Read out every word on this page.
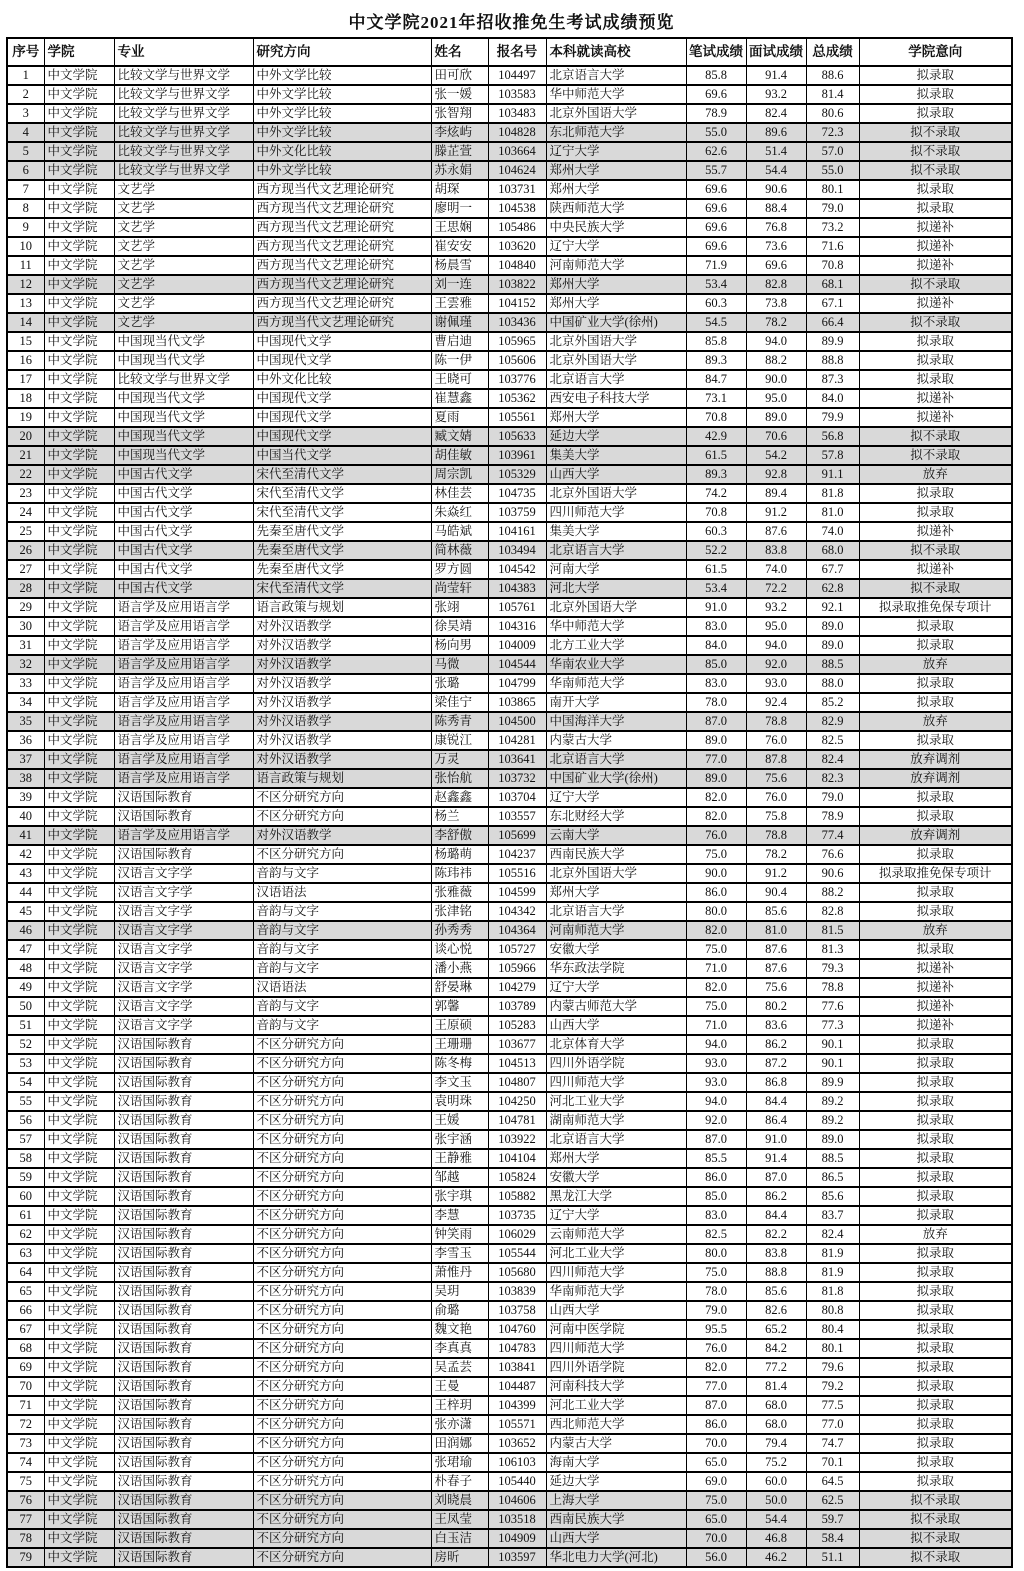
中文学院2021年招收推免生考试成绩预览
序号	学院	专业	研究方向	姓名	报名号	本科就读高校	笔试成绩	面试成绩	总成绩	学院意向
1	中文学院	比较文学与世界文学	中外文学比较	田可欣	104497	北京语言大学	85.8	91.4	88.6	拟录取
2	中文学院	比较文学与世界文学	中外文学比较	张一媛	103583	华中师范大学	69.6	93.2	81.4	拟录取
3	中文学院	比较文学与世界文学	中外文学比较	张智翔	103483	北京外国语大学	78.9	82.4	80.6	拟录取
4	中文学院	比较文学与世界文学	中外文学比较	李炫屿	104828	东北师范大学	55.0	89.6	72.3	拟不录取
5	中文学院	比较文学与世界文学	中外文化比较	滕芷萱	103664	辽宁大学	62.6	51.4	57.0	拟不录取
6	中文学院	比较文学与世界文学	中外文学比较	苏永娟	104624	郑州大学	55.7	54.4	55.0	拟不录取
7	中文学院	文艺学	西方现当代文艺理论研究	胡琛	103731	郑州大学	69.6	90.6	80.1	拟录取
8	中文学院	文艺学	西方现当代文艺理论研究	廖明一	104538	陕西师范大学	69.6	88.4	79.0	拟录取
9	中文学院	文艺学	西方现当代文艺理论研究	王思娴	105486	中央民族大学	69.6	76.8	73.2	拟递补
10	中文学院	文艺学	西方现当代文艺理论研究	崔安安	103620	辽宁大学	69.6	73.6	71.6	拟递补
11	中文学院	文艺学	西方现当代文艺理论研究	杨晨雪	104840	河南师范大学	71.9	69.6	70.8	拟递补
12	中文学院	文艺学	西方现当代文艺理论研究	刘一连	103822	郑州大学	53.4	82.8	68.1	拟不录取
13	中文学院	文艺学	西方现当代文艺理论研究	王雲雅	104152	郑州大学	60.3	73.8	67.1	拟递补
14	中文学院	文艺学	西方现当代文艺理论研究	谢佩瑾	103436	中国矿业大学(徐州)	54.5	78.2	66.4	拟不录取
15	中文学院	中国现当代文学	中国现代文学	曹启迪	105965	北京外国语大学	85.8	94.0	89.9	拟录取
16	中文学院	中国现当代文学	中国现代文学	陈一伊	105606	北京外国语大学	89.3	88.2	88.8	拟录取
17	中文学院	比较文学与世界文学	中外文化比较	王晓可	103776	北京语言大学	84.7	90.0	87.3	拟录取
18	中文学院	中国现当代文学	中国现代文学	崔慧鑫	105362	西安电子科技大学	73.1	95.0	84.0	拟递补
19	中文学院	中国现当代文学	中国现代文学	夏雨	105561	郑州大学	70.8	89.0	79.9	拟递补
20	中文学院	中国现当代文学	中国现代文学	臧文婧	105633	延边大学	42.9	70.6	56.8	拟不录取
21	中文学院	中国现当代文学	中国当代文学	胡佳敏	103961	集美大学	61.5	54.2	57.8	拟不录取
22	中文学院	中国古代文学	宋代至清代文学	周宗凯	105329	山西大学	89.3	92.8	91.1	放弃
23	中文学院	中国古代文学	宋代至清代文学	林佳芸	104735	北京外国语大学	74.2	89.4	81.8	拟录取
24	中文学院	中国古代文学	宋代至清代文学	朱焱红	103759	四川师范大学	70.8	91.2	81.0	拟录取
25	中文学院	中国古代文学	先秦至唐代文学	马皓斌	104161	集美大学	60.3	87.6	74.0	拟递补
26	中文学院	中国古代文学	先秦至唐代文学	简林薇	103494	北京语言大学	52.2	83.8	68.0	拟不录取
27	中文学院	中国古代文学	先秦至唐代文学	罗方圆	104542	河南大学	61.5	74.0	67.7	拟递补
28	中文学院	中国古代文学	宋代至清代文学	尚莹轩	104383	河北大学	53.4	72.2	62.8	拟不录取
29	中文学院	语言学及应用语言学	语言政策与规划	张翊	105761	北京外国语大学	91.0	93.2	92.1	拟录取推免保专项计
30	中文学院	语言学及应用语言学	对外汉语教学	徐昊靖	104316	华中师范大学	83.0	95.0	89.0	拟录取
31	中文学院	语言学及应用语言学	对外汉语教学	杨向男	104009	北方工业大学	84.0	94.0	89.0	拟录取
32	中文学院	语言学及应用语言学	对外汉语教学	马微	104544	华南农业大学	85.0	92.0	88.5	放弃
33	中文学院	语言学及应用语言学	对外汉语教学	张璐	104799	华南师范大学	83.0	93.0	88.0	拟录取
34	中文学院	语言学及应用语言学	对外汉语教学	梁佳宁	103865	南开大学	78.0	92.4	85.2	拟录取
35	中文学院	语言学及应用语言学	对外汉语教学	陈秀青	104500	中国海洋大学	87.0	78.8	82.9	放弃
36	中文学院	语言学及应用语言学	对外汉语教学	康锐江	104281	内蒙古大学	89.0	76.0	82.5	拟录取
37	中文学院	语言学及应用语言学	对外汉语教学	万灵	103641	北京语言大学	77.0	87.8	82.4	放弃调剂
38	中文学院	语言学及应用语言学	语言政策与规划	张怡航	103732	中国矿业大学(徐州)	89.0	75.6	82.3	放弃调剂
39	中文学院	汉语国际教育	不区分研究方向	赵鑫鑫	103704	辽宁大学	82.0	76.0	79.0	拟录取
40	中文学院	汉语国际教育	不区分研究方向	杨兰	103557	东北财经大学	82.0	75.8	78.9	拟录取
41	中文学院	语言学及应用语言学	对外汉语教学	李舒傲	105699	云南大学	76.0	78.8	77.4	放弃调剂
42	中文学院	汉语国际教育	不区分研究方向	杨璐萌	104237	西南民族大学	75.0	78.2	76.6	拟录取
43	中文学院	汉语言文字学	音韵与文字	陈玮祎	105516	北京外国语大学	90.0	91.2	90.6	拟录取推免保专项计
44	中文学院	汉语言文字学	汉语语法	张雅薇	104599	郑州大学	86.0	90.4	88.2	拟录取
45	中文学院	汉语言文字学	音韵与文字	张津铭	104342	北京语言大学	80.0	85.6	82.8	拟录取
46	中文学院	汉语言文字学	音韵与文字	孙秀秀	104364	河南师范大学	82.0	81.0	81.5	放弃
47	中文学院	汉语言文字学	音韵与文字	谈心悦	105727	安徽大学	75.0	87.6	81.3	拟录取
48	中文学院	汉语言文字学	音韵与文字	潘小燕	105966	华东政法学院	71.0	87.6	79.3	拟递补
49	中文学院	汉语言文字学	汉语语法	舒晏琳	104279	辽宁大学	82.0	75.6	78.8	拟递补
50	中文学院	汉语言文字学	音韵与文字	郭馨	103789	内蒙古师范大学	75.0	80.2	77.6	拟递补
51	中文学院	汉语言文字学	音韵与文字	王原硕	105283	山西大学	71.0	83.6	77.3	拟递补
52	中文学院	汉语国际教育	不区分研究方向	王珊珊	103677	北京体育大学	94.0	86.2	90.1	拟录取
53	中文学院	汉语国际教育	不区分研究方向	陈冬梅	104513	四川外语学院	93.0	87.2	90.1	拟录取
54	中文学院	汉语国际教育	不区分研究方向	李文玉	104807	四川师范大学	93.0	86.8	89.9	拟录取
55	中文学院	汉语国际教育	不区分研究方向	袁明珠	104250	河北工业大学	94.0	84.4	89.2	拟录取
56	中文学院	汉语国际教育	不区分研究方向	王媛	104781	湖南师范大学	92.0	86.4	89.2	拟录取
57	中文学院	汉语国际教育	不区分研究方向	张宇涵	103922	北京语言大学	87.0	91.0	89.0	拟录取
58	中文学院	汉语国际教育	不区分研究方向	王静雅	104104	郑州大学	85.5	91.4	88.5	拟录取
59	中文学院	汉语国际教育	不区分研究方向	邹越	105824	安徽大学	86.0	87.0	86.5	拟录取
60	中文学院	汉语国际教育	不区分研究方向	张宇琪	105882	黑龙江大学	85.0	86.2	85.6	拟录取
61	中文学院	汉语国际教育	不区分研究方向	李慧	103735	辽宁大学	83.0	84.4	83.7	拟录取
62	中文学院	汉语国际教育	不区分研究方向	钟笑雨	106029	云南师范大学	82.5	82.2	82.4	放弃
63	中文学院	汉语国际教育	不区分研究方向	李雪玉	105544	河北工业大学	80.0	83.8	81.9	拟录取
64	中文学院	汉语国际教育	不区分研究方向	萧惟丹	105680	四川师范大学	75.0	88.8	81.9	拟录取
65	中文学院	汉语国际教育	不区分研究方向	吴玥	103839	华南师范大学	78.0	85.6	81.8	拟录取
66	中文学院	汉语国际教育	不区分研究方向	俞璐	103758	山西大学	79.0	82.6	80.8	拟录取
67	中文学院	汉语国际教育	不区分研究方向	魏文艳	104760	河南中医学院	95.5	65.2	80.4	拟录取
68	中文学院	汉语国际教育	不区分研究方向	李真真	104783	四川师范大学	76.0	84.2	80.1	拟录取
69	中文学院	汉语国际教育	不区分研究方向	吴孟芸	103841	四川外语学院	82.0	77.2	79.6	拟录取
70	中文学院	汉语国际教育	不区分研究方向	王曼	104487	河南科技大学	77.0	81.4	79.2	拟录取
71	中文学院	汉语国际教育	不区分研究方向	王梓玥	104399	河北工业大学	87.0	68.0	77.5	拟录取
72	中文学院	汉语国际教育	不区分研究方向	张亦潇	105571	西北师范大学	86.0	68.0	77.0	拟录取
73	中文学院	汉语国际教育	不区分研究方向	田润娜	103652	内蒙古大学	70.0	79.4	74.7	拟录取
74	中文学院	汉语国际教育	不区分研究方向	张珺瑜	106103	海南大学	65.0	75.2	70.1	拟录取
75	中文学院	汉语国际教育	不区分研究方向	朴春子	105440	延边大学	69.0	60.0	64.5	拟录取
76	中文学院	汉语国际教育	不区分研究方向	刘晓晨	104606	上海大学	75.0	50.0	62.5	拟不录取
77	中文学院	汉语国际教育	不区分研究方向	王凤莹	103518	西南民族大学	65.0	54.4	59.7	拟不录取
78	中文学院	汉语国际教育	不区分研究方向	白玉洁	104909	山西大学	70.0	46.8	58.4	拟不录取
79	中文学院	汉语国际教育	不区分研究方向	房昕	103597	华北电力大学(河北)	56.0	46.2	51.1	拟不录取
